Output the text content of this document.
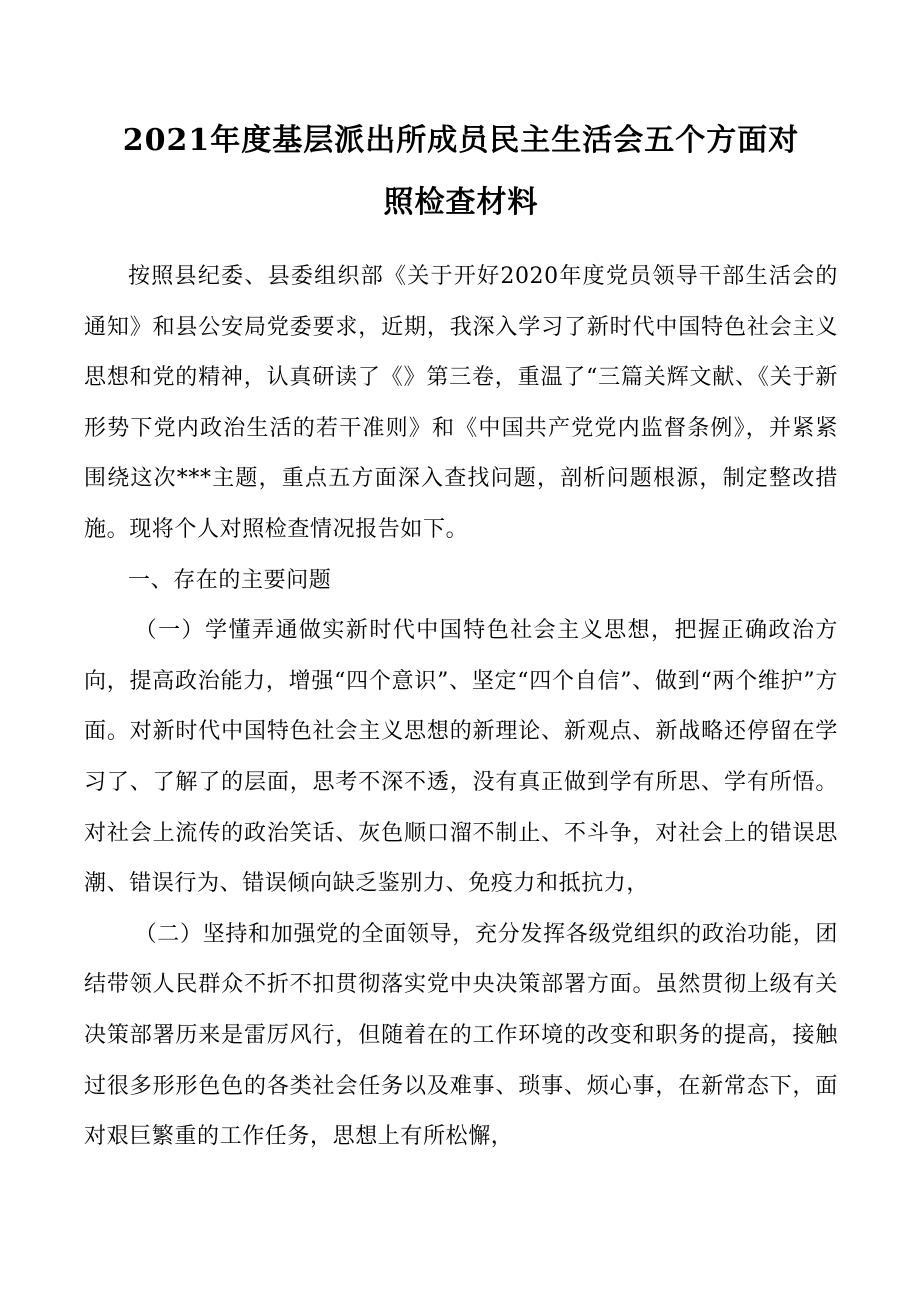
2021年度基层派出所成员民主生活会五个方面对
照检查材料

按照县纪委、县委组织部《关于开好2020年度党员领导干部生活会的通知》和县公安局党委要求，近期，我深入学习了新时代中国特色社会主义思想和党的精神，认真研读了《》第三卷，重温了“三篇关辉文献、《关于新形势下党内政治生活的若干准则》和《中国共产党党内监督条例》，并紧紧围绕这次***主题，重点五方面深入查找问题，剖析问题根源，制定整改措施。现将个人对照检查情况报告如下。

一、存在的主要问题

（一）学懂弄通做实新时代中国特色社会主义思想，把握正确政治方向，提高政治能力，增强“四个意识”、坚定“四个自信”、做到“两个维护”方面。对新时代中国特色社会主义思想的新理论、新观点、新战略还停留在学习了、了解了的层面，思考不深不透，没有真正做到学有所思、学有所悟。对社会上流传的政治笑话、灰色顺口溜不制止、不斗争，对社会上的错误思潮、错误行为、错误倾向缺乏鉴别力、免疫力和抵抗力，

（二）坚持和加强党的全面领导，充分发挥各级党组织的政治功能，团结带领人民群众不折不扣贯彻落实党中央决策部署方面。虽然贯彻上级有关决策部署历来是雷厉风行，但随着在的工作环境的改变和职务的提高，接触过很多形形色色的各类社会任务以及难事、琐事、烦心事，在新常态下，面对艰巨繁重的工作任务，思想上有所松懈，
